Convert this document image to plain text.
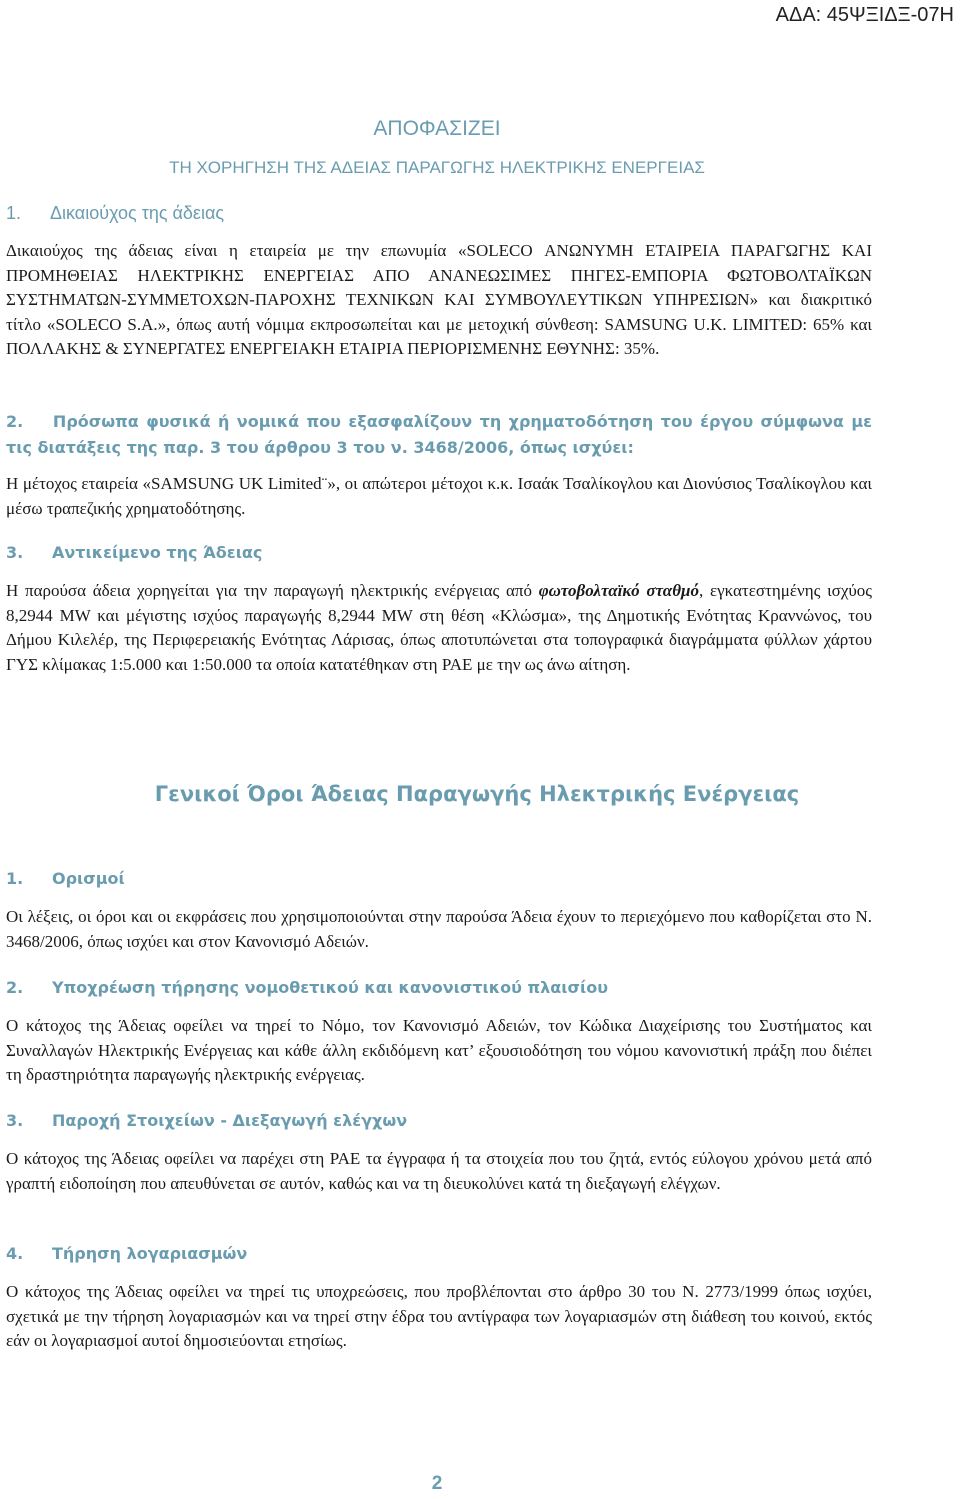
ΑΔΑ: 45ΨΞΙΔΞ-07Η
ΑΠΟΦΑΣΙΖΕΙ
ΤΗ ΧΟΡΗΓΗΣΗ ΤΗΣ ΑΔΕΙΑΣ ΠΑΡΑΓΩΓΗΣ ΗΛΕΚΤΡΙΚΗΣ ΕΝΕΡΓΕΙΑΣ
1. Δικαιούχος της άδειας

Δικαιούχος της άδειας είναι η εταιρεία με την επωνυμία «SOLECO ΑΝΩΝΥΜΗ ΕΤΑΙΡΕΙΑ ΠΑΡΑΓΩΓΗΣ ΚΑΙ ΠΡΟΜΗΘΕΙΑΣ ΗΛΕΚΤΡΙΚΗΣ ΕΝΕΡΓΕΙΑΣ ΑΠΟ ΑΝΑΝΕΩΣΙΜΕΣ ΠΗΓΕΣ-ΕΜΠΟΡΙΑ ΦΩΤΟΒΟΛΤΑΪΚΩΝ ΣΥΣΤΗΜΑΤΩΝ-ΣΥΜΜΕΤΟΧΩΝ-ΠΑΡΟΧΗΣ ΤΕΧΝΙΚΩΝ ΚΑΙ ΣΥΜΒΟΥΛΕΥΤΙΚΩΝ ΥΠΗΡΕΣΙΩΝ» και διακριτικό τίτλο «SOLECO S.A.», όπως αυτή νόμιμα εκπροσωπείται και με μετοχική σύνθεση: SAMSUNG U.K. LIMITED: 65% και ΠΟΛΛΑΚΗΣ & ΣΥΝΕΡΓΑΤΕΣ ΕΝΕΡΓΕΙΑΚΗ ΕΤΑΙΡΙΑ ΠΕΡΙΟΡΙΣΜΕΝΗΣ ΕΘΥΝΗΣ: 35%.

2. Πρόσωπα φυσικά ή νομικά που εξασφαλίζουν τη χρηματοδότηση του έργου σύμφωνα με τις διατάξεις της παρ. 3 του άρθρου 3 του ν. 3468/2006, όπως ισχύει:

Η μέτοχος εταιρεία «SAMSUNG UK Limited¨», οι απώτεροι μέτοχοι κ.κ. Ισαάκ Τσαλίκογλου και Διονύσιος Τσαλίκογλου και μέσω τραπεζικής χρηματοδότησης.

3. Αντικείμενο της Άδειας

Η παρούσα άδεια χορηγείται για την παραγωγή ηλεκτρικής ενέργειας από φωτοβολταϊκό σταθμό, εγκατεστημένης ισχύος 8,2944 MW και μέγιστης ισχύος παραγωγής 8,2944 MW στη θέση «Κλώσμα», της Δημοτικής Ενότητας Κραννώνος, του Δήμου Κιλελέρ, της Περιφερειακής Ενότητας Λάρισας, όπως αποτυπώνεται στα τοπογραφικά διαγράμματα φύλλων χάρτου ΓΥΣ κλίμακας 1:5.000 και 1:50.000 τα οποία κατατέθηκαν στη ΡΑΕ με την ως άνω αίτηση.

Γενικοί Όροι Άδειας Παραγωγής Ηλεκτρικής Ενέργειας
1. Ορισμοί

Οι λέξεις, οι όροι και οι εκφράσεις που χρησιμοποιούνται στην παρούσα Άδεια έχουν το περιεχόμενο που καθορίζεται στο Ν. 3468/2006, όπως ισχύει και στον Κανονισμό Αδειών.

2. Υποχρέωση τήρησης νομοθετικού και κανονιστικού πλαισίου

Ο κάτοχος της Άδειας οφείλει να τηρεί το Νόμο, τον Κανονισμό Αδειών, τον Κώδικα Διαχείρισης του Συστήματος και Συναλλαγών Ηλεκτρικής Ενέργειας και κάθε άλλη εκδιδόμενη κατ’ εξουσιοδότηση του νόμου κανονιστική πράξη που διέπει τη δραστηριότητα παραγωγής ηλεκτρικής ενέργειας.

3. Παροχή Στοιχείων - Διεξαγωγή ελέγχων

Ο κάτοχος της Άδειας οφείλει να παρέχει στη ΡΑΕ τα έγγραφα ή τα στοιχεία που του ζητά, εντός εύλογου χρόνου μετά από γραπτή ειδοποίηση που απευθύνεται σε αυτόν, καθώς και να τη διευκολύνει κατά τη διεξαγωγή ελέγχων.

4. Τήρηση λογαριασμών

Ο κάτοχος της Άδειας οφείλει να τηρεί τις υποχρεώσεις, που προβλέπονται στο άρθρο 30 του Ν. 2773/1999 όπως ισχύει, σχετικά με την τήρηση λογαριασμών και να τηρεί στην έδρα του αντίγραφα των λογαριασμών στη διάθεση του κοινού, εκτός εάν οι λογαριασμοί αυτοί δημοσιεύονται ετησίως.

2
